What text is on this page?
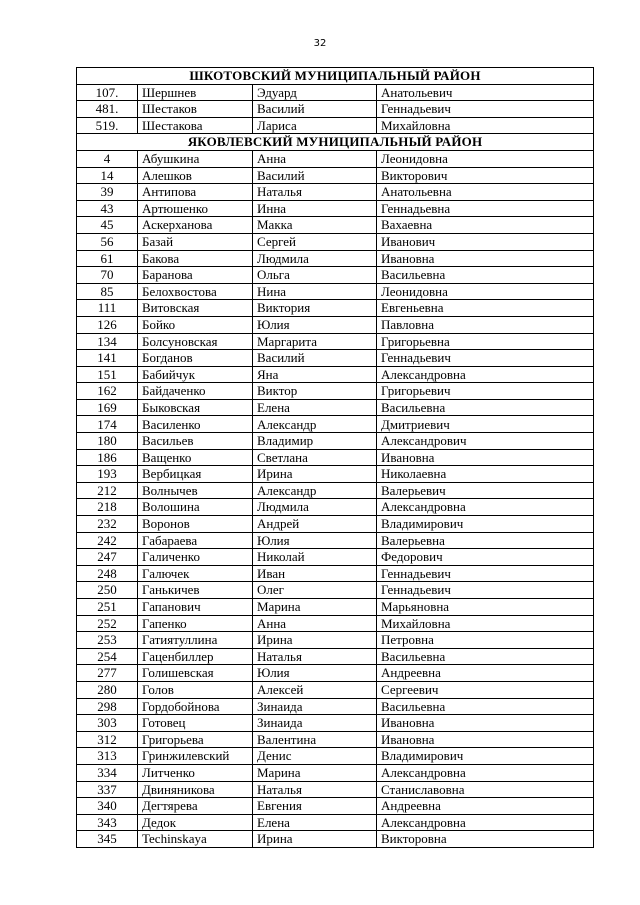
32
ШКОТОВСКИЙ МУНИЦИПАЛЬНЫЙ РАЙОН			
107.	Шершнев	Эдуард	Анатольевич
481.	Шестаков	Василий	Геннадьевич
519.	Шестакова	Лариса	Михайловна
ЯКОВЛЕВСКИЙ МУНИЦИПАЛЬНЫЙ РАЙОН			
4	Абушкина	Анна	Леонидовна
14	Алешков	Василий	Викторович
39	Антипова	Наталья	Анатольевна
43	Артюшенко	Инна	Геннадьевна
45	Аскерханова	Макка	Вахаевна
56	Базай	Сергей	Иванович
61	Бакова	Людмила	Ивановна
70	Баранова	Ольга	Васильевна
85	Белохвостова	Нина	Леонидовна
111	Витовская	Виктория	Евгеньевна
126	Бойко	Юлия	Павловна
134	Болсуновская	Маргарита	Григорьевна
141	Богданов	Василий	Геннадьевич
151	Бабийчук	Яна	Александровна
162	Байдаченко	Виктор	Григорьевич
169	Быковская	Елена	Васильевна
174	Василенко	Александр	Дмитриевич
180	Васильев	Владимир	Александрович
186	Ващенко	Светлана	Ивановна
193	Вербицкая	Ирина	Николаевна
212	Волнычев	Александр	Валерьевич
218	Волошина	Людмила	Александровна
232	Воронов	Андрей	Владимирович
242	Габараева	Юлия	Валерьевна
247	Галиченко	Николай	Федорович
248	Галючек	Иван	Геннадьевич
250	Ганькичев	Олег	Геннадьевич
251	Гапанович	Марина	Марьяновна
252	Гапенко	Анна	Михайловна
253	Гатиятуллина	Ирина	Петровна
254	Гаценбиллер	Наталья	Васильевна
277	Голишевская	Юлия	Андреевна
280	Голов	Алексей	Сергеевич
298	Гордобойнова	Зинаида	Васильевна
303	Готовец	Зинаида	Ивановна
312	Григорьева	Валентина	Ивановна
313	Гринжилевский	Денис	Владимирович
334	Литченко	Марина	Александровна
337	Двиняникова	Наталья	Станиславовна
340	Дегтярева	Евгения	Андреевна
343	Дедок	Елена	Александровна
345	Techinskaya	Ирина	Викторовна
